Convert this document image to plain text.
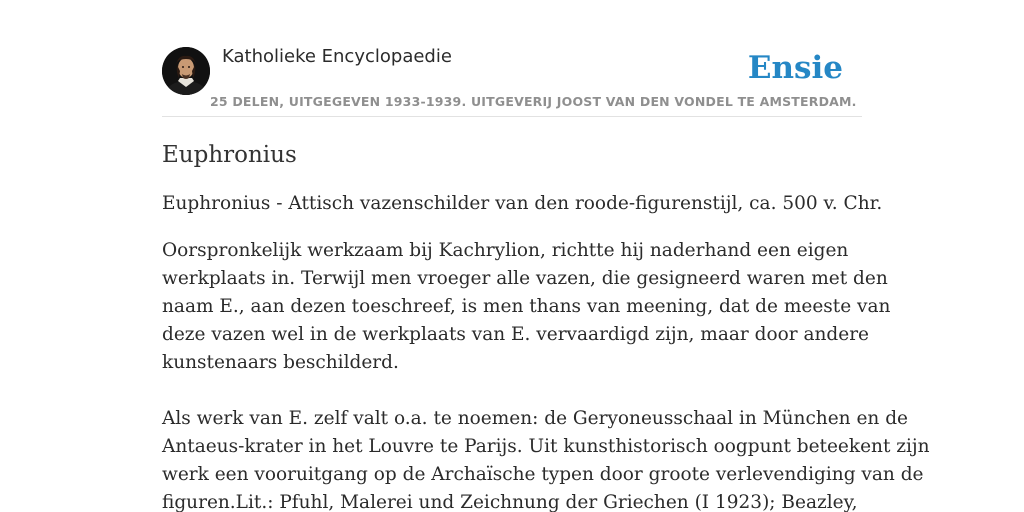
Katholieke Encyclopaedie
25 DELEN, UITGEGEVEN 1933-1939. UITGEVERIJ JOOST VAN DEN VONDEL TE AMSTERDAM.
Ensie
Euphronius

Euphronius - Attisch vazenschilder van den roode-figurenstijl, ca. 500 v. Chr.

Oorspronkelijk werkzaam bij Kachrylion, richtte hij naderhand een eigen
werkplaats in. Terwijl men vroeger alle vazen, die gesigneerd waren met den
naam E., aan dezen toeschreef, is men thans van meening, dat de meeste van
deze vazen wel in de werkplaats van E. vervaardigd zijn, maar door andere
kunstenaars beschilderd.
Als werk van E. zelf valt o.a. te noemen: de Geryoneusschaal in München en de
Antaeus-krater in het Louvre te Parijs. Uit kunsthistorisch oogpunt beteekent zijn
werk een vooruitgang op de Archaïsche typen door groote verlevendiging van de
figuren.Lit.: Pfuhl, Malerei und Zeichnung der Griechen (I 1923); Beazley,
